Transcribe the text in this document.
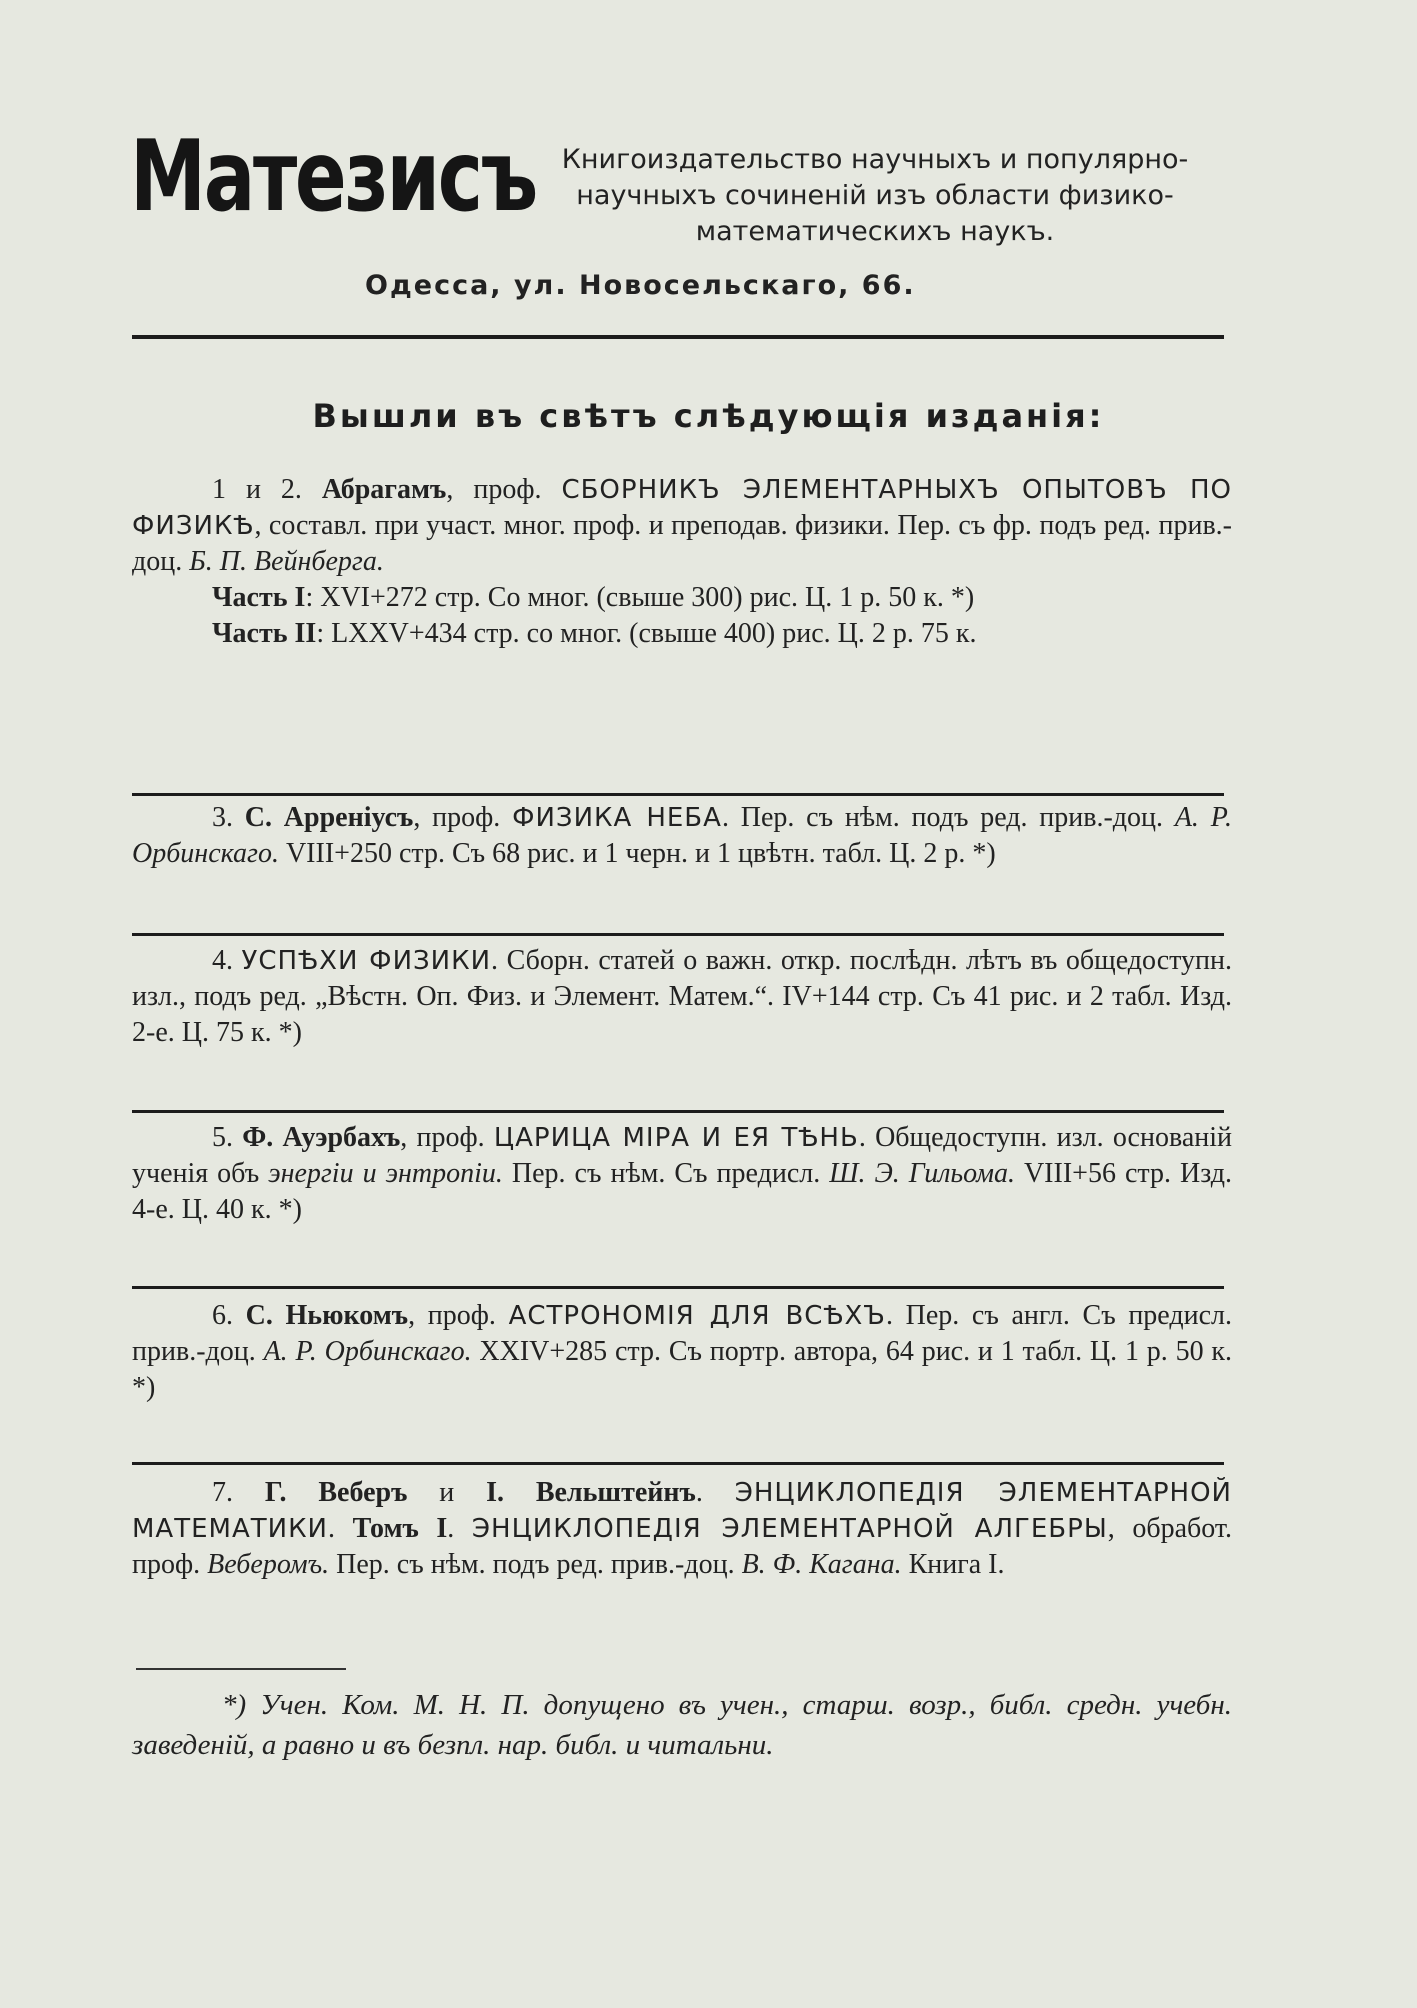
Матезисъ Книгоиздательство научныхъ и популярно-научныхъ сочиненій изъ области физико-математическихъ наукъ.
Одесса, ул. Новосельскаго, 66.
Вышли въ свѣтъ слѣдующія изданія:

1 и 2. Абрагамъ, проф. СБОРНИКЪ ЭЛЕМЕНТАРНЫХЪ ОПЫТОВЪ ПО ФИЗИКѢ, составл. при участ. мног. проф. и преподав. физики. Пер. съ фр. подъ ред. прив.-доц. Б. П. Вейнберга.

Часть I: XVI+272 стр. Со мног. (свыше 300) рис. Ц. 1 р. 50 к. *)

Часть II: LXXV+434 стр. со мног. (свыше 400) рис. Ц. 2 р. 75 к.

3. С. Арреніусъ, проф. ФИЗИКА НЕБА. Пер. съ нѣм. подъ ред. прив.-доц. А. Р. Орбинскаго. VIII+250 стр. Съ 68 рис. и 1 черн. и 1 цвѣтн. табл. Ц. 2 р. *)

4. УСПѢХИ ФИЗИКИ. Сборн. статей о важн. откр. послѣдн. лѣтъ въ общедоступн. изл., подъ ред. „Вѣстн. Оп. Физ. и Элемент. Матем.“. IV+144 стр. Съ 41 рис. и 2 табл. Изд. 2-е. Ц. 75 к. *)

5. Ф. Ауэрбахъ, проф. ЦАРИЦА МІРА И ЕЯ ТѢНЬ. Общедоступн. изл. основаній ученія объ энергіи и энтропіи. Пер. съ нѣм. Съ предисл. Ш. Э. Гильома. VIII+56 стр. Изд. 4-е. Ц. 40 к. *)

6. С. Ньюкомъ, проф. АСТРОНОМІЯ ДЛЯ ВСѢХЪ. Пер. съ англ. Съ предисл. прив.-доц. А. Р. Орбинскаго. XXIV+285 стр. Съ портр. автора, 64 рис. и 1 табл. Ц. 1 р. 50 к. *)

7. Г. Веберъ и І. Вельштейнъ. ЭНЦИКЛОПЕДІЯ ЭЛЕМЕНТАРНОЙ МАТЕМАТИКИ. Томъ I. ЭНЦИКЛОПЕДІЯ ЭЛЕМЕНТАРНОЙ АЛГЕБРЫ, обработ. проф. Веберомъ. Пер. съ нѣм. подъ ред. прив.-доц. В. Ф. Кагана. Книга I.

*) Учен. Ком. М. Н. П. допущено въ учен., старш. возр., библ. средн. учебн. заведеній, а равно и въ безпл. нар. библ. и читальни.
